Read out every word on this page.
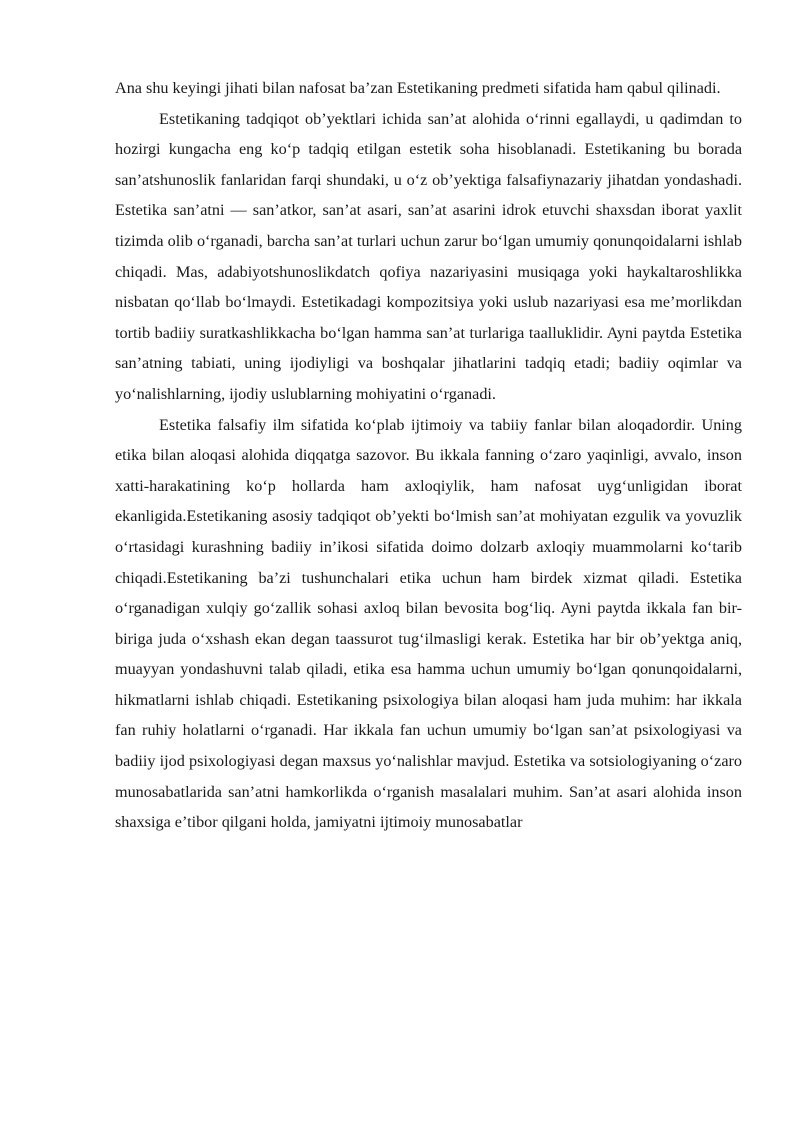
Ana shu keyingi jihati bilan nafosat ba’zan Estetikaning predmeti sifatida ham qabul qilinadi.

Estetikaning tadqiqot ob’yektlari ichida san’at alohida o‘rinni egallaydi, u qadimdan to hozirgi kungacha eng ko‘p tadqiq etilgan estetik soha hisoblanadi. Estetikaning bu borada san’atshunoslik fanlaridan farqi shundaki, u o‘z ob’yektiga falsafiynazariy jihatdan yondashadi. Estetika san’atni — san’atkor, san’at asari, san’at asarini idrok etuvchi shaxsdan iborat yaxlit tizimda olib o‘rganadi, barcha san’at turlari uchun zarur bo‘lgan umumiy qonunqoidalarni ishlab chiqadi. Mas, adabiyotshunoslikdatch qofiya nazariyasini musiqaga yoki haykaltaroshlikka nisbatan qo‘llab bo‘lmaydi. Estetikadagi kompozitsiya yoki uslub nazariyasi esa me’morlikdan tortib badiiy suratkashlikkacha bo‘lgan hamma san’at turlariga taalluklidir. Ayni paytda Estetika san’atning tabiati, uning ijodiyligi va boshqalar jihatlarini tadqiq etadi; badiiy oqimlar va yo‘nalishlarning, ijodiy uslublarning mohiyatini o‘rganadi.

Estetika falsafiy ilm sifatida ko‘plab ijtimoiy va tabiiy fanlar bilan aloqadordir. Uning etika bilan aloqasi alohida diqqatga sazovor. Bu ikkala fanning o‘zaro yaqinligi, avvalo, inson xatti-harakatining ko‘p hollarda ham axloqiylik, ham nafosat uyg‘unligidan iborat ekanligida.Estetikaning asosiy tadqiqot ob’yekti bo‘lmish san’at mohiyatan ezgulik va yovuzlik o‘rtasidagi kurashning badiiy in’ikosi sifatida doimo dolzarb axloqiy muammolarni ko‘tarib chiqadi.Estetikaning ba’zi tushunchalari etika uchun ham birdek xizmat qiladi. Estetika o‘rganadigan xulqiy go‘zallik sohasi axloq bilan bevosita bog‘liq. Ayni paytda ikkala fan bir-biriga juda o‘xshash ekan degan taassurot tug‘ilmasligi kerak. Estetika har bir ob’yektga aniq, muayyan yondashuvni talab qiladi, etika esa hamma uchun umumiy bo‘lgan qonunqoidalarni, hikmatlarni ishlab chiqadi. Estetikaning psixologiya bilan aloqasi ham juda muhim: har ikkala fan ruhiy holatlarni o‘rganadi. Har ikkala fan uchun umumiy bo‘lgan san’at psixologiyasi va badiiy ijod psixologiyasi degan maxsus yo‘nalishlar mavjud. Estetika va sotsiologiyaning o‘zaro munosabatlarida san’atni hamkorlikda o‘rganish masalalari muhim. San’at asari alohida inson shaxsiga e’tibor qilgani holda, jamiyatni ijtimoiy munosabatlar
